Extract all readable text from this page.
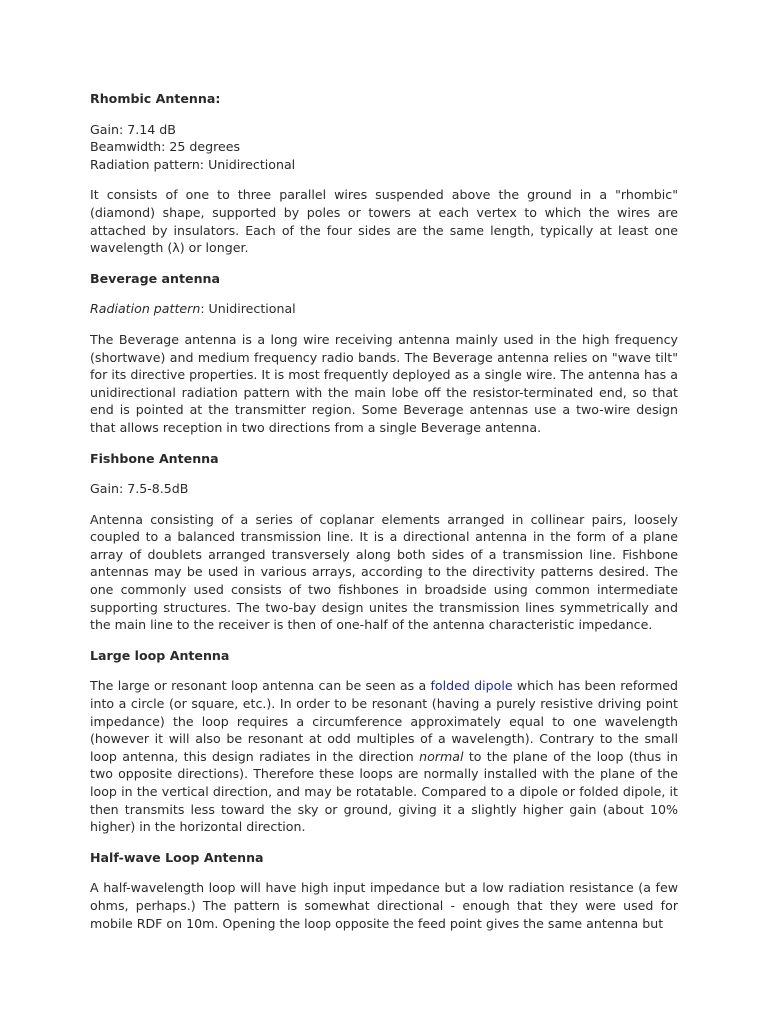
Rhombic Antenna:
Gain: 7.14 dB
Beamwidth: 25 degrees
Radiation pattern: Unidirectional

It consists of one to three parallel wires suspended above the ground in a "rhombic" (diamond) shape, supported by poles or towers at each vertex to which the wires are attached by insulators. Each of the four sides are the same length, typically at least one wavelength (λ) or longer.

Beverage antenna

Radiation pattern: Unidirectional

The Beverage antenna is a long wire receiving antenna mainly used in the high frequency (shortwave) and medium frequency radio bands. The Beverage antenna relies on "wave tilt" for its directive properties. It is most frequently deployed as a single wire. The antenna has a unidirectional radiation pattern with the main lobe off the resistor-terminated end, so that end is pointed at the transmitter region. Some Beverage antennas use a two-wire design that allows reception in two directions from a single Beverage antenna.

Fishbone Antenna

Gain: 7.5-8.5dB

Antenna consisting of a series of coplanar elements arranged in collinear pairs, loosely coupled to a balanced transmission line. It is a directional antenna in the form of a plane array of doublets arranged transversely along both sides of a transmission line. Fishbone antennas may be used in various arrays, according to the directivity patterns desired. The one commonly used consists of two fishbones in broadside using common intermediate supporting structures. The two-bay design unites the transmission lines symmetrically and the main line to the receiver is then of one-half of the antenna characteristic impedance.

Large loop Antenna

The large or resonant loop antenna can be seen as a folded dipole which has been reformed into a circle (or square, etc.). In order to be resonant (having a purely resistive driving point impedance) the loop requires a circumference approximately equal to one wavelength (however it will also be resonant at odd multiples of a wavelength). Contrary to the small loop antenna, this design radiates in the direction normal to the plane of the loop (thus in two opposite directions). Therefore these loops are normally installed with the plane of the loop in the vertical direction, and may be rotatable. Compared to a dipole or folded dipole, it then transmits less toward the sky or ground, giving it a slightly higher gain (about 10% higher) in the horizontal direction.

Half-wave Loop Antenna

A half-wavelength loop will have high input impedance but a low radiation resistance (a few ohms, perhaps.) The pattern is somewhat directional - enough that they were used for mobile RDF on 10m. Opening the loop opposite the feed point gives the same antenna but
